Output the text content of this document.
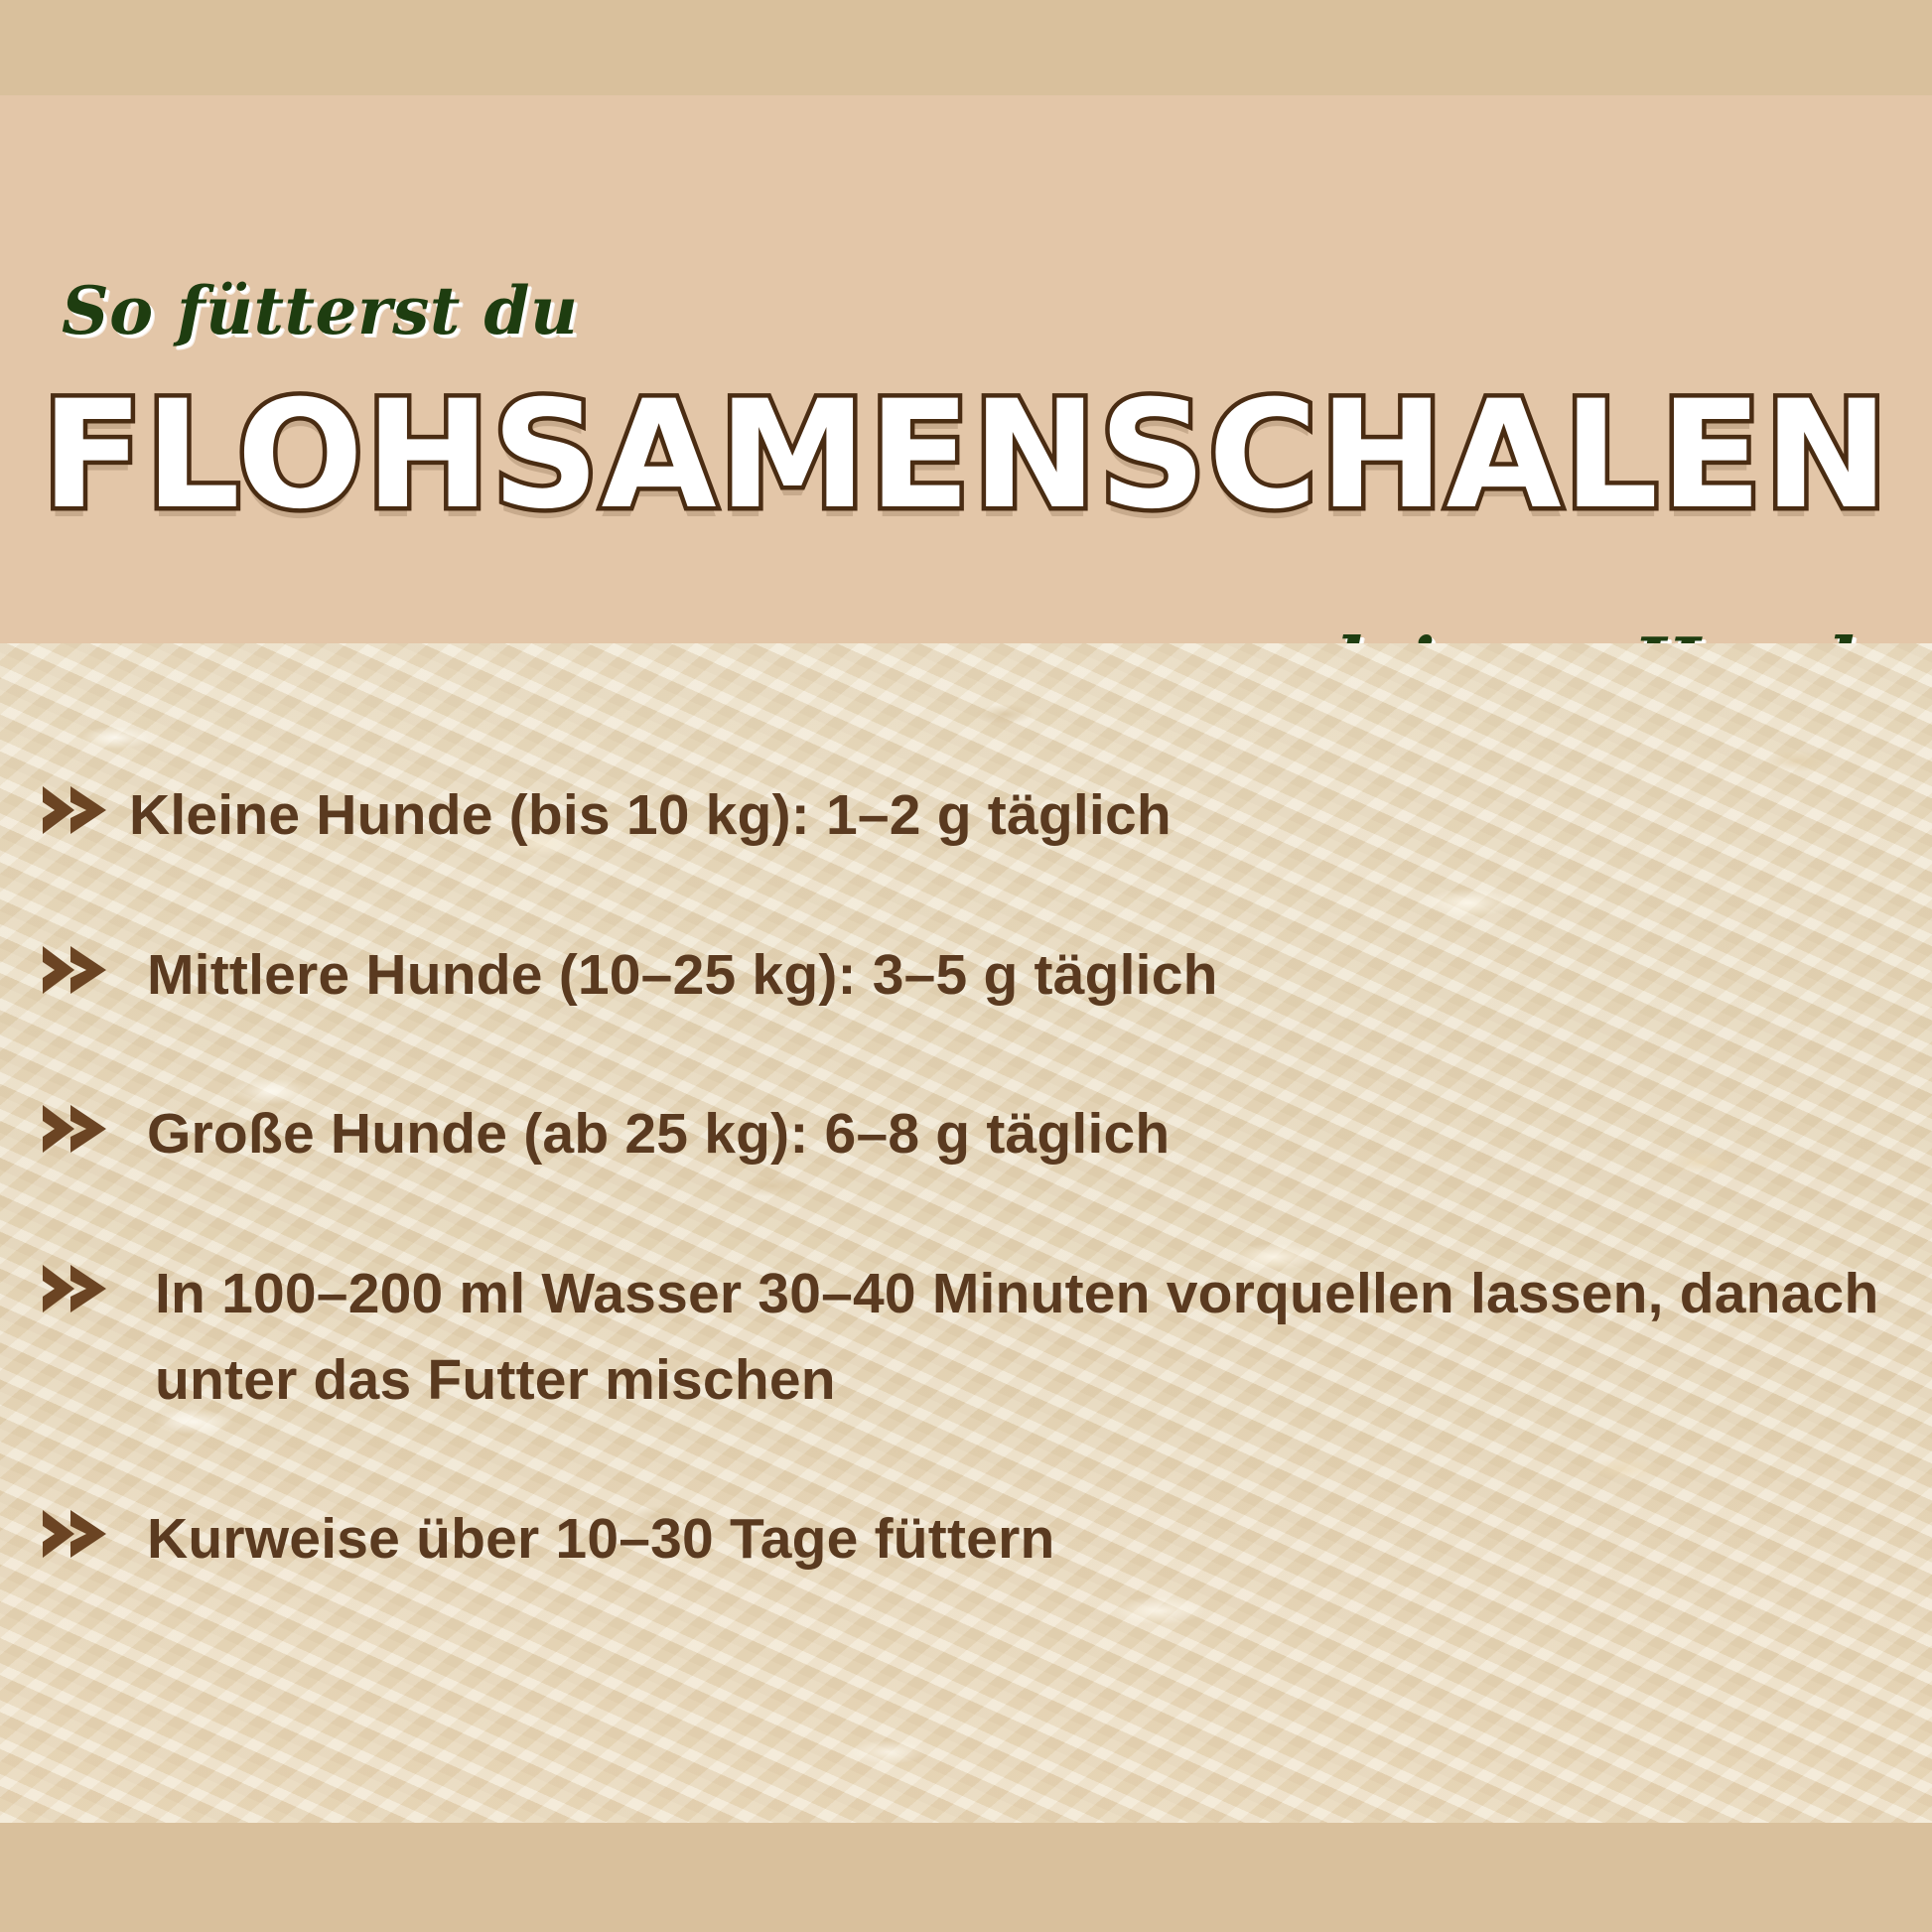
So fütterst du
FLOHSAMENSCHALEN
Kleine Hunde (bis 10 kg): 1–2 g täglich
Mittlere Hunde (10–25 kg): 3–5 g täglich
Große Hunde (ab 25 kg): 6–8 g täglich
In 100–200 ml Wasser 30–40 Minuten vorquellen lassen, danach unter das Futter mischen
Kurweise über 10–30 Tage füttern
